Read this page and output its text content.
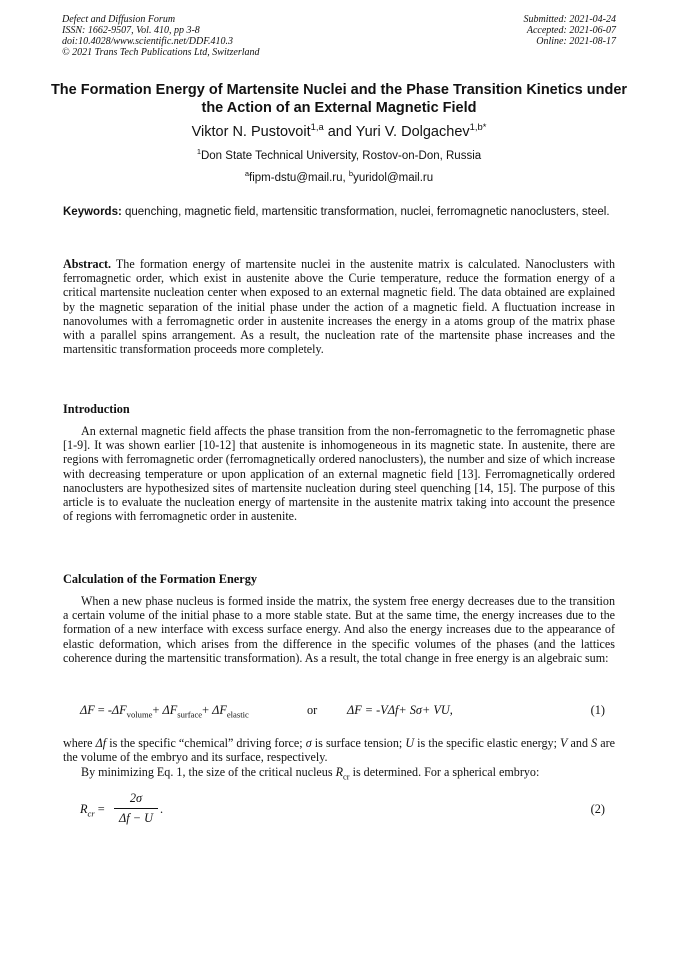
Defect and Diffusion Forum
ISSN: 1662-9507, Vol. 410, pp 3-8
doi:10.4028/www.scientific.net/DDF.410.3
© 2021 Trans Tech Publications Ltd, Switzerland
Submitted: 2021-04-24
Accepted: 2021-06-07
Online: 2021-08-17
The Formation Energy of Martensite Nuclei and the Phase Transition Kinetics under the Action of an External Magnetic Field
Viktor N. Pustovoit$^{1,a}$ and Yuri V. Dolgachev$^{1,b*}$
$^1$Don State Technical University, Rostov-on-Don, Russia
$^a$fipm-dstu@mail.ru, $^b$yuridol@mail.ru
Keywords: quenching, magnetic field, martensitic transformation, nuclei, ferromagnetic nanoclusters, steel.
Abstract. The formation energy of martensite nuclei in the austenite matrix is calculated. Nanoclusters with ferromagnetic order, which exist in austenite above the Curie temperature, reduce the formation energy of a critical martensite nucleation center when exposed to an external magnetic field. The data obtained are explained by the magnetic separation of the initial phase under the action of a magnetic field. A fluctuation increase in nanovolumes with a ferromagnetic order in austenite increases the energy in a atoms group of the matrix phase with a parallel spins arrangement. As a result, the nucleation rate of the martensite phase increases and the martensitic transformation proceeds more completely.
Introduction
An external magnetic field affects the phase transition from the non-ferromagnetic to the ferromagnetic phase [1-9]. It was shown earlier [10-12] that austenite is inhomogeneous in its magnetic state. In austenite, there are regions with ferromagnetic order (ferromagnetically ordered nanoclusters), the number and size of which increase with decreasing temperature or upon application of an external magnetic field [13]. Ferromagnetically ordered nanoclusters are hypothesized sites of martensite nucleation during steel quenching [14, 15]. The purpose of this article is to evaluate the nucleation energy of martensite in the austenite matrix taking into account the presence of regions with ferromagnetic order in austenite.
Calculation of the Formation Energy
When a new phase nucleus is formed inside the matrix, the system free energy decreases due to the transition a certain volume of the initial phase to a more stable state. But at the same time, the energy increases due to the formation of a new interface with excess surface energy. And also the energy increases due to the appearance of elastic deformation, which arises from the difference in the specific volumes of the phases (and the lattices coherence during the martensitic transformation). As a result, the total change in free energy is an algebraic sum:
$\Delta F = -\Delta F_{volume}+ \Delta F_{surface}+ \Delta F_{elastic}$	or ΔF = -VΔf+ Sσ+ VU,	(1)
where Δf is the specific “chemical” driving force; σ is surface tension; U is the specific elastic energy; V and S are the volume of the embryo and its surface, respectively.
By minimizing Eq. 1, the size of the critical nucleus $R_{cr}$ is determined. For a spherical embryo:
$R_{cr} = \frac{2\sigma}{\Delta f - U}$ .	(2)
